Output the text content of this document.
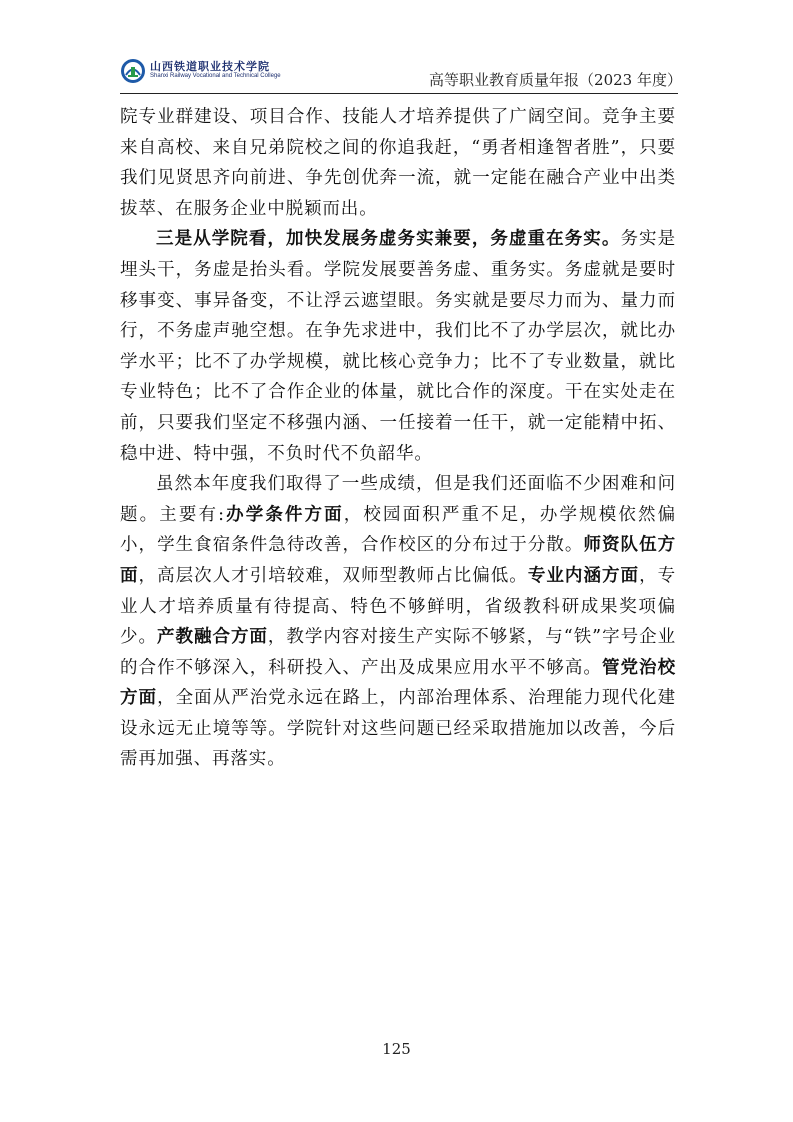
山西铁道职业技术学院
Shanxi Railway Vocational and Technical College	高等职业教育质量年报（2023 年度）

院专业群建设、项目合作、技能人才培养提供了广阔空间。竞争主要来自高校、来自兄弟院校之间的你追我赶，“勇者相逢智者胜”，只要我们见贤思齐向前进、争先创优奔一流，就一定能在融合产业中出类拔萃、在服务企业中脱颖而出。

三是从学院看，加快发展务虚务实兼要，务虚重在务实。务实是埋头干，务虚是抬头看。学院发展要善务虚、重务实。务虚就是要时移事变、事异备变，不让浮云遮望眼。务实就是要尽力而为、量力而行，不务虚声驰空想。在争先求进中，我们比不了办学层次，就比办学水平；比不了办学规模，就比核心竞争力；比不了专业数量，就比专业特色；比不了合作企业的体量，就比合作的深度。干在实处走在前，只要我们坚定不移强内涵、一任接着一任干，就一定能精中拓、稳中进、特中强，不负时代不负韶华。

虽然本年度我们取得了一些成绩，但是我们还面临不少困难和问题。主要有:办学条件方面，校园面积严重不足，办学规模依然偏小，学生食宿条件急待改善，合作校区的分布过于分散。师资队伍方面，高层次人才引培较难，双师型教师占比偏低。专业内涵方面，专业人才培养质量有待提高、特色不够鲜明，省级教科研成果奖项偏少。产教融合方面，教学内容对接生产实际不够紧，与“铁”字号企业的合作不够深入，科研投入、产出及成果应用水平不够高。管党治校方面，全面从严治党永远在路上，内部治理体系、治理能力现代化建设永远无止境等等。学院针对这些问题已经采取措施加以改善，今后需再加强、再落实。

125
